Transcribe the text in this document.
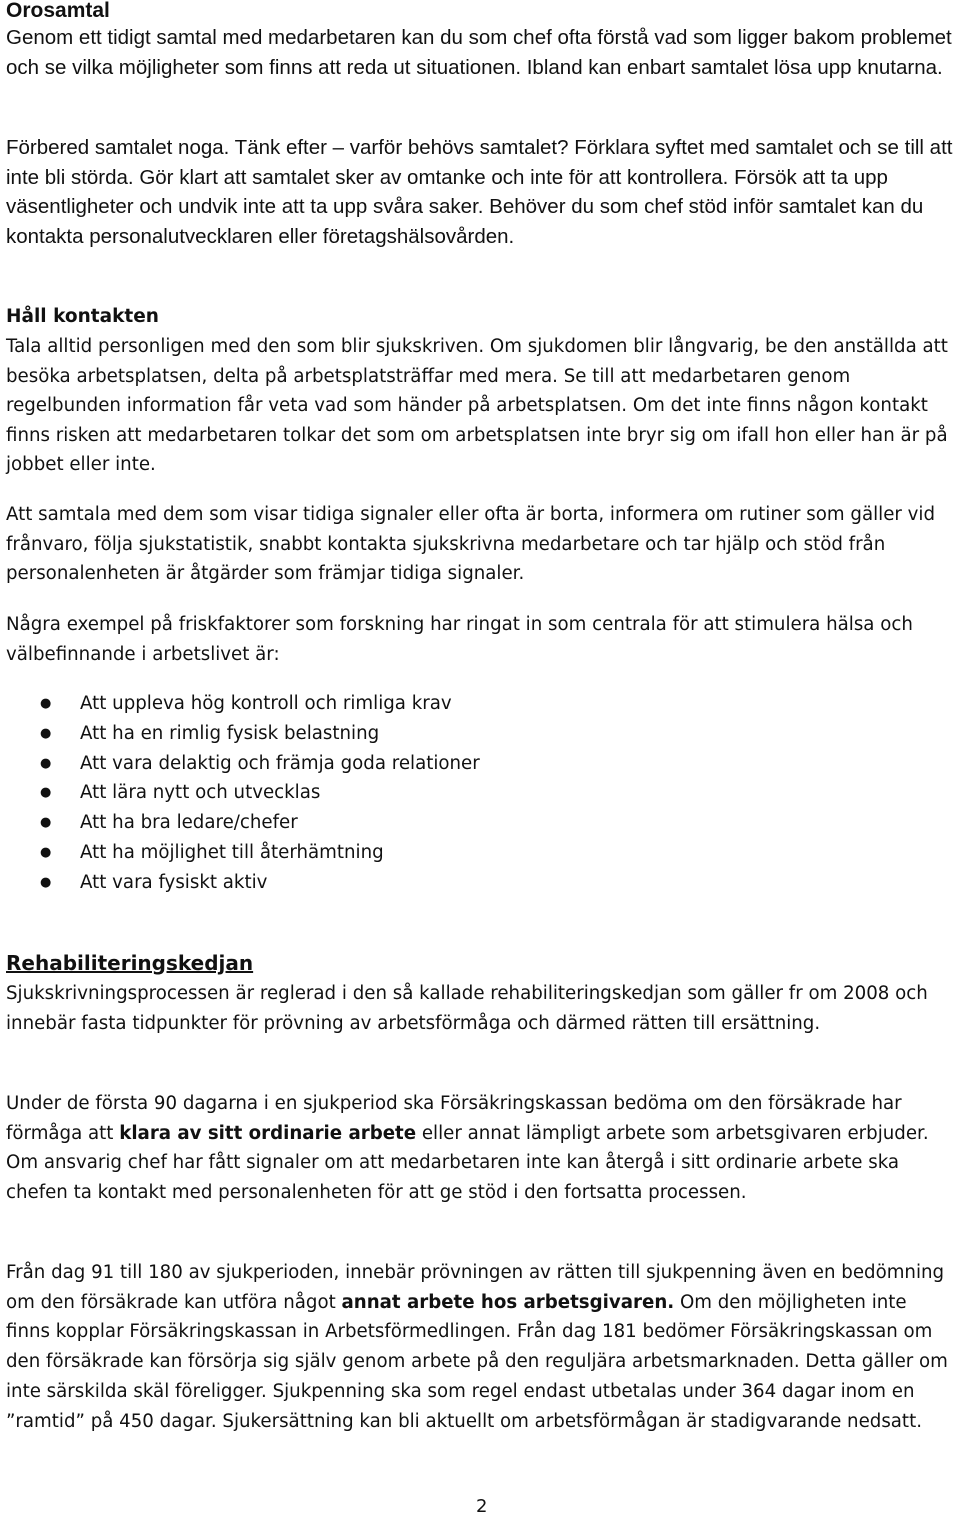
Orosamtal

Genom ett tidigt samtal med medarbetaren kan du som chef ofta förstå vad som ligger bakom problemet och se vilka möjligheter som finns att reda ut situationen. Ibland kan enbart samtalet lösa upp knutarna.

Förbered samtalet noga. Tänk efter – varför behövs samtalet? Förklara syftet med samtalet och se till att inte bli störda. Gör klart att samtalet sker av omtanke och inte för att kontrollera. Försök att ta upp väsentligheter och undvik inte att ta upp svåra saker. Behöver du som chef stöd inför samtalet kan du kontakta personalutvecklaren eller företagshälsovården.

Håll kontakten

Tala alltid personligen med den som blir sjukskriven. Om sjukdomen blir långvarig, be den anställda att besöka arbetsplatsen, delta på arbetsplatsträffar med mera. Se till att medarbetaren genom regelbunden information får veta vad som händer på arbetsplatsen. Om det inte finns någon kontakt finns risken att medarbetaren tolkar det som om arbetsplatsen inte bryr sig om ifall hon eller han är på jobbet eller inte.

Att samtala med dem som visar tidiga signaler eller ofta är borta, informera om rutiner som gäller vid frånvaro, följa sjukstatistik, snabbt kontakta sjukskrivna medarbetare och tar hjälp och stöd från personalenheten är åtgärder som främjar tidiga signaler.

Några exempel på friskfaktorer som forskning har ringat in som centrala för att stimulera hälsa och välbefinnande i arbetslivet är:

● Att uppleva hög kontroll och rimliga krav
● Att ha en rimlig fysisk belastning
● Att vara delaktig och främja goda relationer
● Att lära nytt och utvecklas
● Att ha bra ledare/chefer
● Att ha möjlighet till återhämtning
● Att vara fysiskt aktiv
Rehabiliteringskedjan

Sjukskrivningsprocessen är reglerad i den så kallade rehabiliteringskedjan som gäller fr om 2008 och innebär fasta tidpunkter för prövning av arbetsförmåga och därmed rätten till ersättning.

Under de första 90 dagarna i en sjukperiod ska Försäkringskassan bedöma om den försäkrade har förmåga att klara av sitt ordinarie arbete eller annat lämpligt arbete som arbetsgivaren erbjuder. Om ansvarig chef har fått signaler om att medarbetaren inte kan återgå i sitt ordinarie arbete ska chefen ta kontakt med personalenheten för att ge stöd i den fortsatta processen.

Från dag 91 till 180 av sjukperioden, innebär prövningen av rätten till sjukpenning även en bedömning om den försäkrade kan utföra något annat arbete hos arbetsgivaren. Om den möjligheten inte finns kopplar Försäkringskassan in Arbetsförmedlingen. Från dag 181 bedömer Försäkringskassan om den försäkrade kan försörja sig själv genom arbete på den reguljära arbetsmarknaden. Detta gäller om inte särskilda skäl föreligger. Sjukpenning ska som regel endast utbetalas under 364 dagar inom en ”ramtid” på 450 dagar. Sjukersättning kan bli aktuellt om arbetsförmågan är stadigvarande nedsatt.

2
